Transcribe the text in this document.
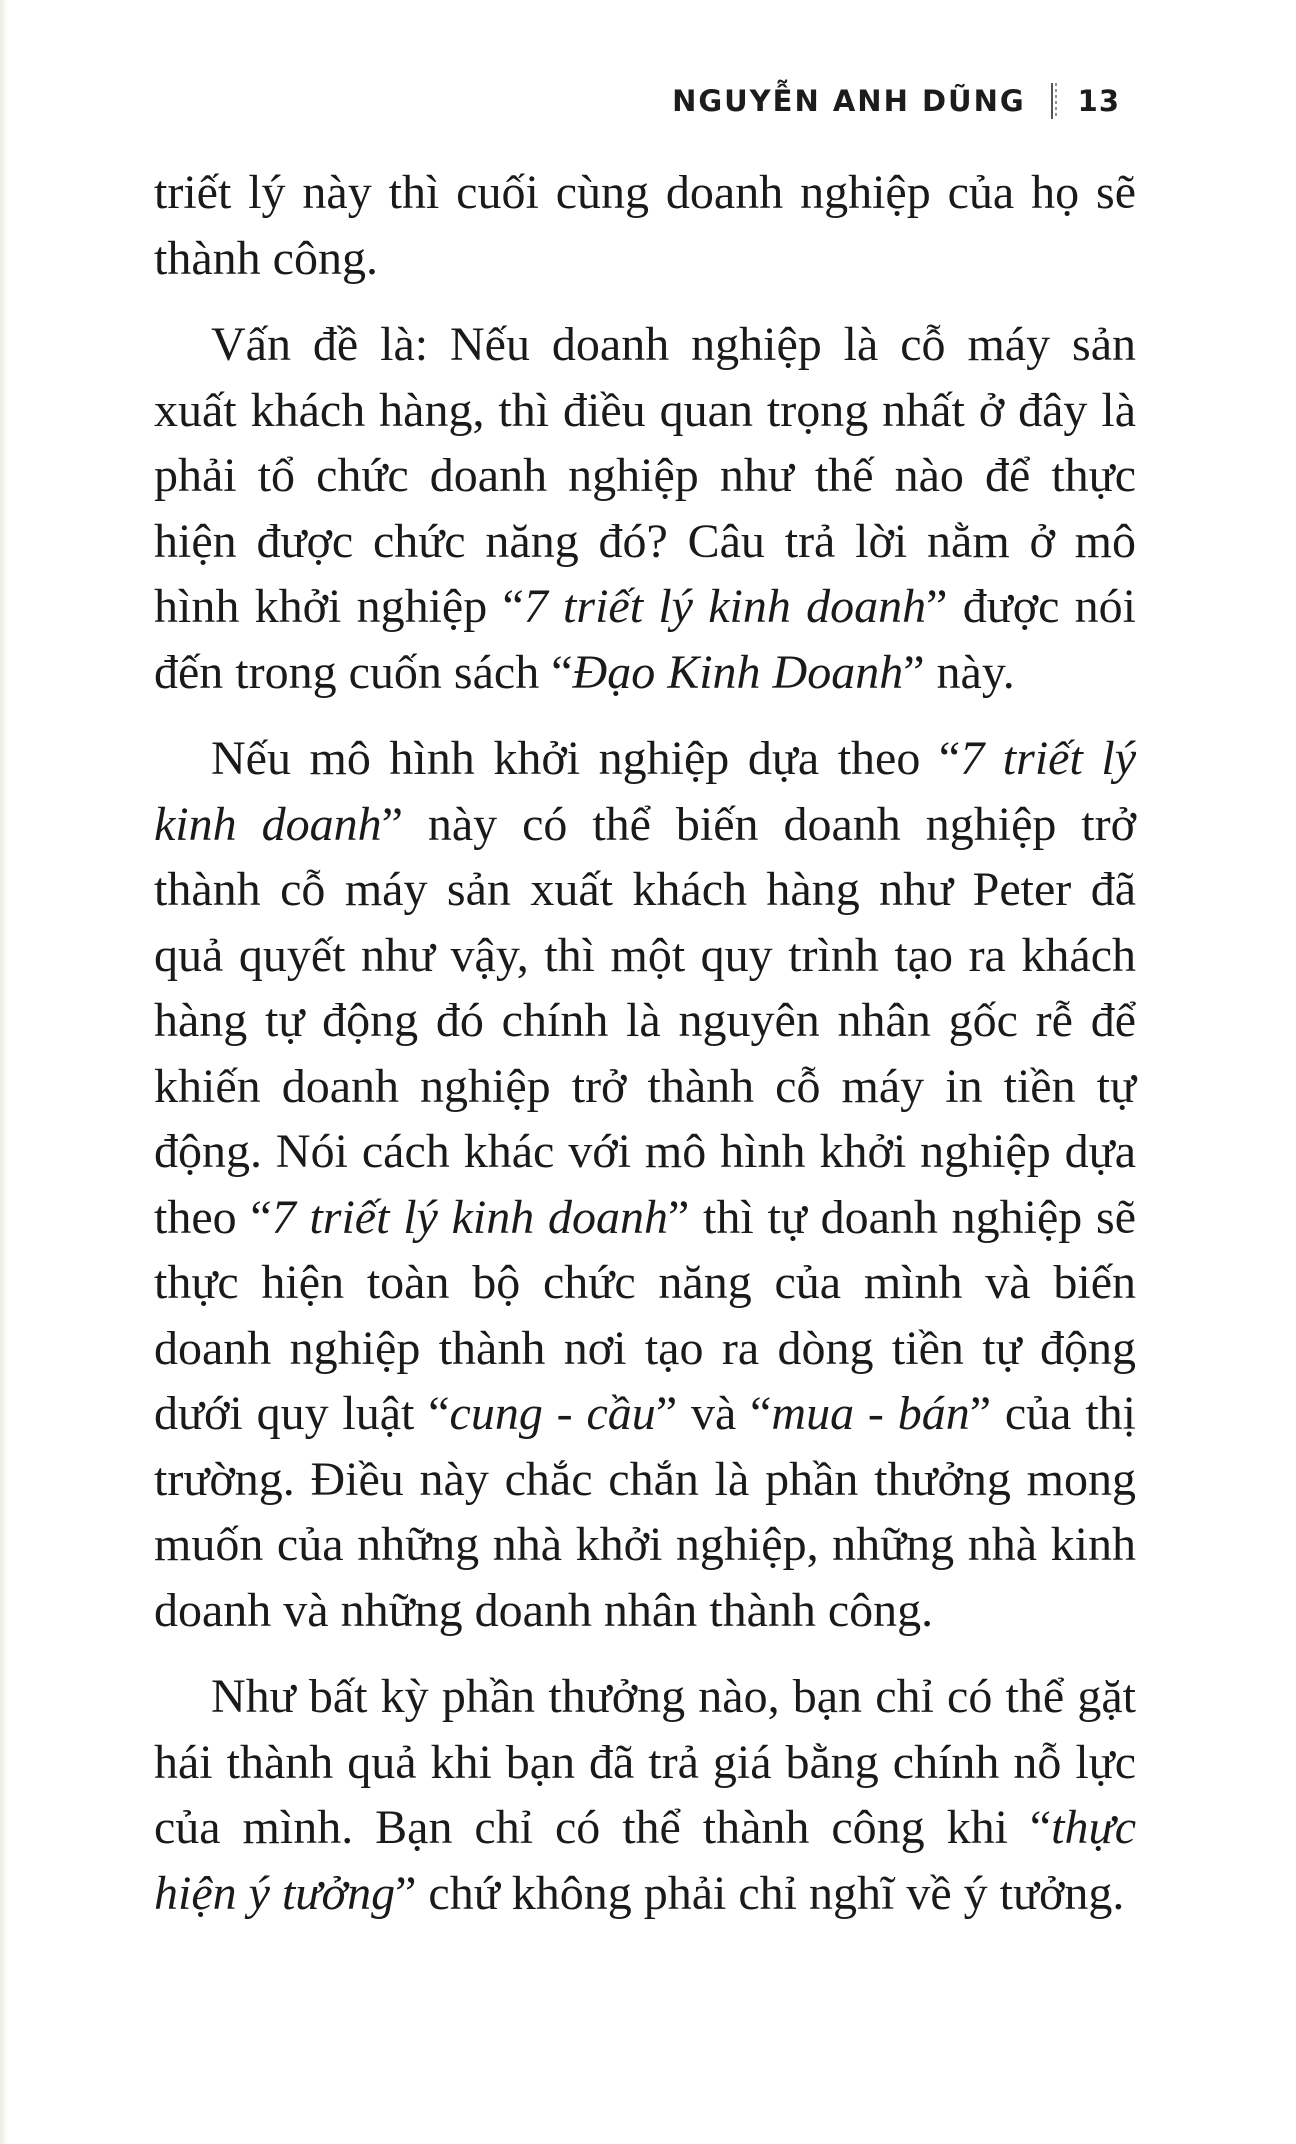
NGUYỄN ANH DŨNG 13

triết lý này thì cuối cùng doanh nghiệp của họ sẽ thành công.

Vấn đề là: Nếu doanh nghiệp là cỗ máy sản xuất khách hàng, thì điều quan trọng nhất ở đây là phải tổ chức doanh nghiệp như thế nào để thực hiện được chức năng đó? Câu trả lời nằm ở mô hình khởi nghiệp “7 triết lý kinh doanh” được nói đến trong cuốn sách “Đạo Kinh Doanh” này.

Nếu mô hình khởi nghiệp dựa theo “7 triết lý kinh doanh” này có thể biến doanh nghiệp trở thành cỗ máy sản xuất khách hàng như Peter đã quả quyết như vậy, thì một quy trình tạo ra khách hàng tự động đó chính là nguyên nhân gốc rễ để khiến doanh nghiệp trở thành cỗ máy in tiền tự động. Nói cách khác với mô hình khởi nghiệp dựa theo “7 triết lý kinh doanh” thì tự doanh nghiệp sẽ thực hiện toàn bộ chức năng của mình và biến doanh nghiệp thành nơi tạo ra dòng tiền tự động dưới quy luật “cung - cầu” và “mua - bán” của thị trường. Điều này chắc chắn là phần thưởng mong muốn của những nhà khởi nghiệp, những nhà kinh doanh và những doanh nhân thành công.

Như bất kỳ phần thưởng nào, bạn chỉ có thể gặt hái thành quả khi bạn đã trả giá bằng chính nỗ lực của mình. Bạn chỉ có thể thành công khi “thực hiện ý tưởng” chứ không phải chỉ nghĩ về ý tưởng.
